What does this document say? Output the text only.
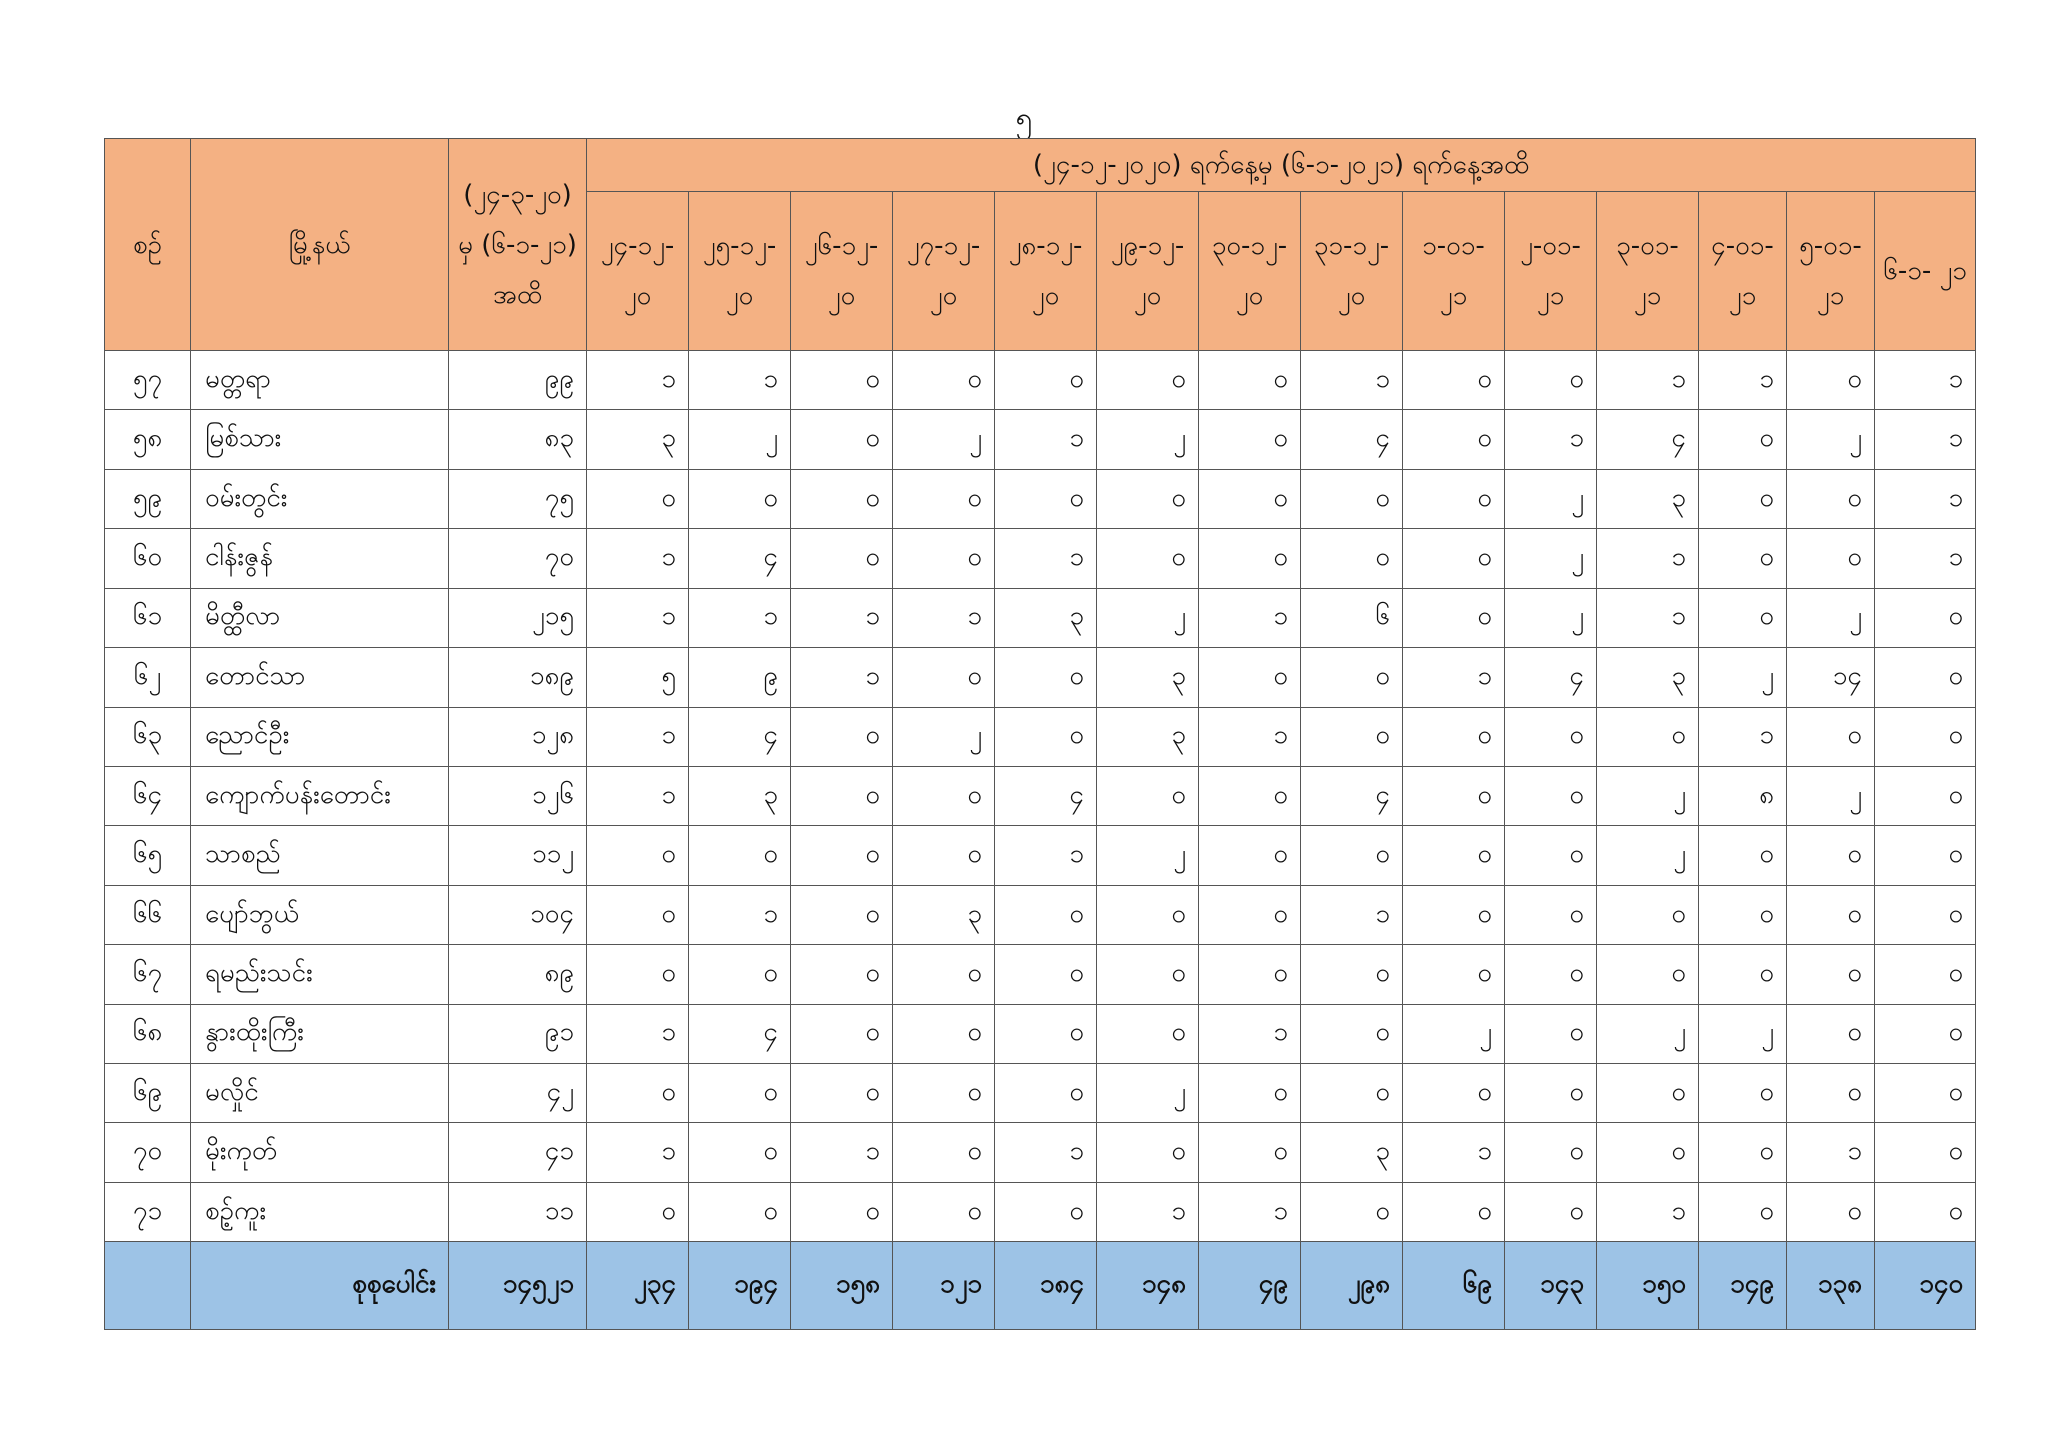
၅
စဉ်	မြို့နယ်	(၂၄-၃-၂၀) မှ (၆-၁-၂၁) အထိ	(၂၄-၁၂-၂၀၂၀) ရက်နေ့မှ (၆-၁-၂၀၂၁) ရက်နေ့အထိ													
			၂၄-၁၂- ၂၀	၂၅-၁၂- ၂၀	၂၆-၁၂- ၂၀	၂၇-၁၂- ၂၀	၂၈-၁၂- ၂၀	၂၉-၁၂- ၂၀	၃၀-၁၂- ၂၀	၃၁-၁၂- ၂၀	၁-၀၁- ၂၁	၂-၀၁- ၂၁	၃-၀၁- ၂၁	၄-၀၁- ၂၁	၅-၀၁- ၂၁	၆-၁- ၂၁
၅၇	မတ္တရာ	၉၉	၁	၁	၀	၀	၀	၀	၀	၁	၀	၀	၁	၁	၀	၁
၅၈	မြစ်သား	၈၃	၃	၂	၀	၂	၁	၂	၀	၄	၀	၁	၄	၀	၂	၁
၅၉	ဝမ်းတွင်း	၇၅	၀	၀	၀	၀	၀	၀	၀	၀	၀	၂	၃	၀	၀	၁
၆၀	ငါန်းဇွန်	၇၀	၁	၄	၀	၀	၁	၀	၀	၀	၀	၂	၁	၀	၀	၁
၆၁	မိတ္ထီလာ	၂၁၅	၁	၁	၁	၁	၃	၂	၁	၆	၀	၂	၁	၀	၂	၀
၆၂	တောင်သာ	၁၈၉	၅	၉	၁	၀	၀	၃	၀	၀	၁	၄	၃	၂	၁၄	၀
၆၃	ညောင်ဦး	၁၂၈	၁	၄	၀	၂	၀	၃	၁	၀	၀	၀	၀	၁	၀	၀
၆၄	ကျောက်ပန်းတောင်း	၁၂၆	၁	၃	၀	၀	၄	၀	၀	၄	၀	၀	၂	၈	၂	၀
၆၅	သာစည်	၁၁၂	၀	၀	၀	၀	၁	၂	၀	၀	၀	၀	၂	၀	၀	၀
၆၆	ပျော်ဘွယ်	၁၀၄	၀	၁	၀	၃	၀	၀	၀	၁	၀	၀	၀	၀	၀	၀
၆၇	ရမည်းသင်း	၈၉	၀	၀	၀	၀	၀	၀	၀	၀	၀	၀	၀	၀	၀	၀
၆၈	နွားထိုးကြီး	၉၁	၁	၄	၀	၀	၀	၀	၁	၀	၂	၀	၂	၂	၀	၀
၆၉	မလှိုင်	၄၂	၀	၀	၀	၀	၀	၂	၀	၀	၀	၀	၀	၀	၀	၀
၇၀	မိုးကုတ်	၄၁	၁	၀	၁	၀	၁	၀	၀	၃	၁	၀	၀	၀	၁	၀
၇၁	စဉ့်ကူး	၁၁	၀	၀	၀	၀	၀	၁	၁	၀	၀	၀	၁	၀	၀	၀
	စုစုပေါင်း	၁၄၅၂၁	၂၃၄	၁၉၄	၁၅၈	၁၂၁	၁၈၄	၁၄၈	၄၉	၂၉၈	၆၉	၁၄၃	၁၅၀	၁၄၉	၁၃၈	၁၄၀
